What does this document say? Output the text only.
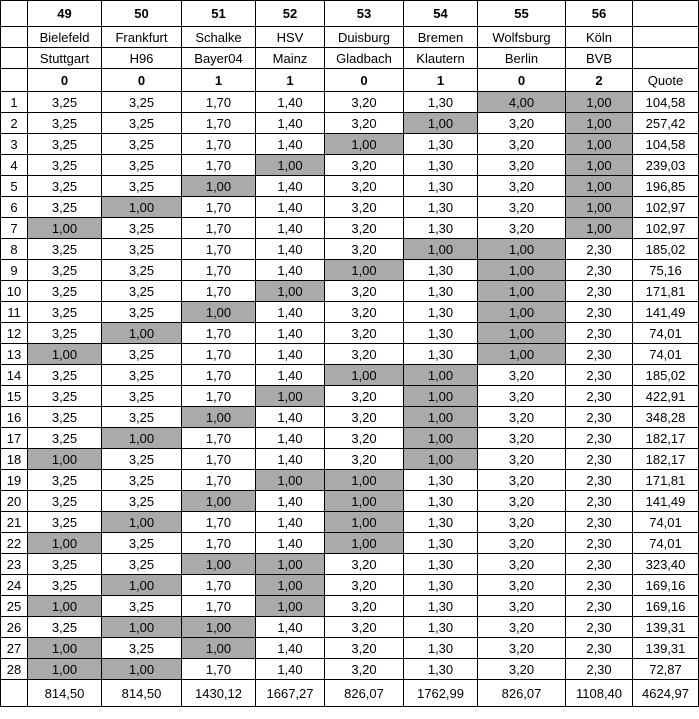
	49	50	51	52	53	54	55	56	
	Bielefeld	Frankfurt	Schalke	HSV	Duisburg	Bremen	Wolfsburg	Köln	
	Stuttgart	H96	Bayer04	Mainz	Gladbach	Klautern	Berlin	BVB	
	0	0	1	1	0	1	0	2	Quote
1	3,25	3,25	1,70	1,40	3,20	1,30	4,00	1,00	104,58
2	3,25	3,25	1,70	1,40	3,20	1,00	3,20	1,00	257,42
3	3,25	3,25	1,70	1,40	1,00	1,30	3,20	1,00	104,58
4	3,25	3,25	1,70	1,00	3,20	1,30	3,20	1,00	239,03
5	3,25	3,25	1,00	1,40	3,20	1,30	3,20	1,00	196,85
6	3,25	1,00	1,70	1,40	3,20	1,30	3,20	1,00	102,97
7	1,00	3,25	1,70	1,40	3,20	1,30	3,20	1,00	102,97
8	3,25	3,25	1,70	1,40	3,20	1,00	1,00	2,30	185,02
9	3,25	3,25	1,70	1,40	1,00	1,30	1,00	2,30	75,16
10	3,25	3,25	1,70	1,00	3,20	1,30	1,00	2,30	171,81
11	3,25	3,25	1,00	1,40	3,20	1,30	1,00	2,30	141,49
12	3,25	1,00	1,70	1,40	3,20	1,30	1,00	2,30	74,01
13	1,00	3,25	1,70	1,40	3,20	1,30	1,00	2,30	74,01
14	3,25	3,25	1,70	1,40	1,00	1,00	3,20	2,30	185,02
15	3,25	3,25	1,70	1,00	3,20	1,00	3,20	2,30	422,91
16	3,25	3,25	1,00	1,40	3,20	1,00	3,20	2,30	348,28
17	3,25	1,00	1,70	1,40	3,20	1,00	3,20	2,30	182,17
18	1,00	3,25	1,70	1,40	3,20	1,00	3,20	2,30	182,17
19	3,25	3,25	1,70	1,00	1,00	1,30	3,20	2,30	171,81
20	3,25	3,25	1,00	1,40	1,00	1,30	3,20	2,30	141,49
21	3,25	1,00	1,70	1,40	1,00	1,30	3,20	2,30	74,01
22	1,00	3,25	1,70	1,40	1,00	1,30	3,20	2,30	74,01
23	3,25	3,25	1,00	1,00	3,20	1,30	3,20	2,30	323,40
24	3,25	1,00	1,70	1,00	3,20	1,30	3,20	2,30	169,16
25	1,00	3,25	1,70	1,00	3,20	1,30	3,20	2,30	169,16
26	3,25	1,00	1,00	1,40	3,20	1,30	3,20	2,30	139,31
27	1,00	3,25	1,00	1,40	3,20	1,30	3,20	2,30	139,31
28	1,00	1,00	1,70	1,40	3,20	1,30	3,20	2,30	72,87
	814,50	814,50	1430,12	1667,27	826,07	1762,99	826,07	1108,40	4624,97
